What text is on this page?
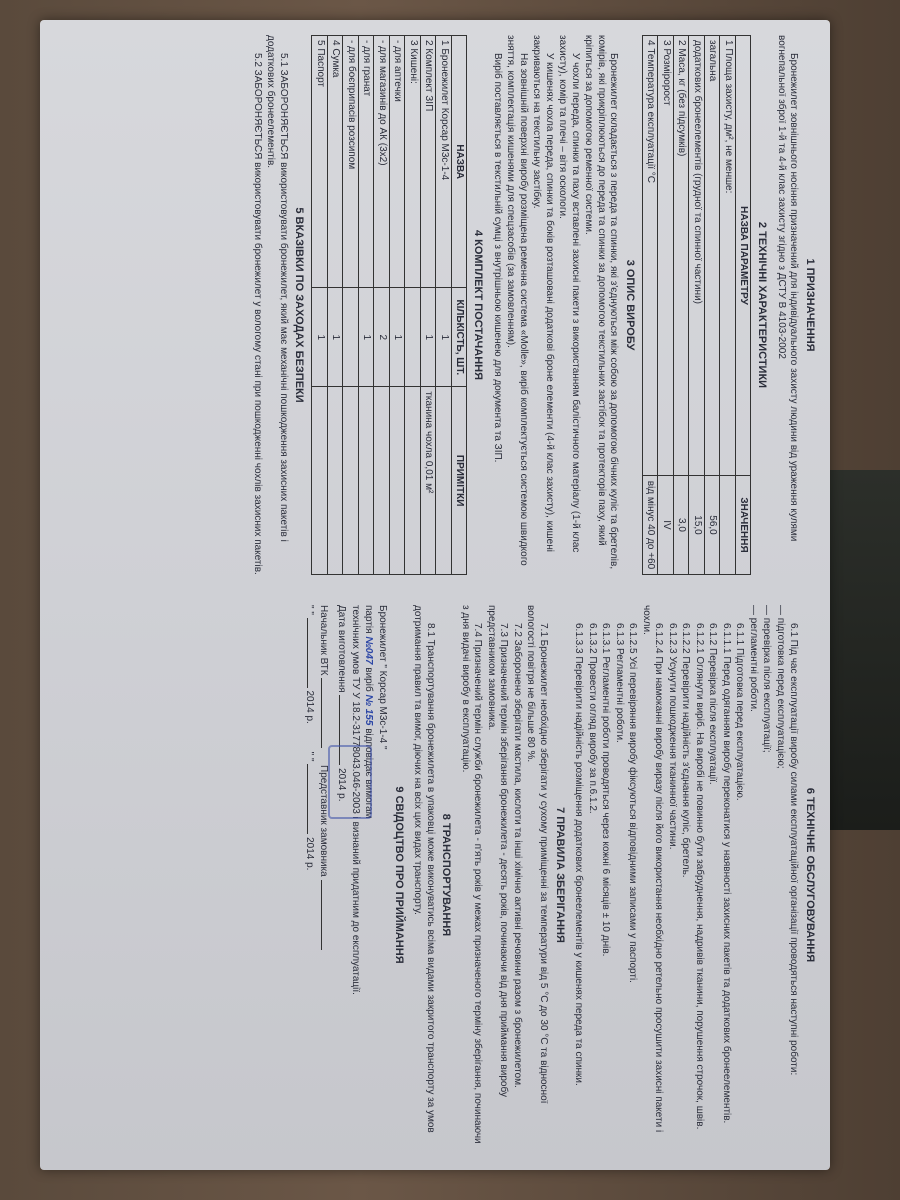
1 ПРИЗНАЧЕННЯ

Бронежилет зовнішнього носіння призначений для індивідуального захисту людини від ураження кулями вогнепальної зброї 1-й та 4-й клас захисту згідно з ДСТУ В 4103-2002

2 ТЕХНІЧНІ ХАРАКТЕРИСТИКИ
НАЗВА ПАРАМЕТРУ	ЗНАЧЕННЯ
1 Площа захисту, дм², не менше:	
загальна	56,0
додаткових бронеелементів (грудної та спинної частини)	15,0
2 Маса, кг (без підсумків)	3,0
3 Розміророст	IV
4 Температура експлуатації °С	від мінус 40 до +60
3 ОПИС ВИРОБУ

Бронежилет складається з переда та спинки, які з'єднуються між собою за допомогою бічних куліс та бретелів, комірів, які прикріплюються до переда та спинки за допомогою текстильних застібок та протекторів паху, який кріпиться за допомогою ременної системи.

У чохли переда, спинки та паху вставлені захисні пакети з використанням балістичного матеріалу (1-й клас захисту), комір та плечі – вітя оскологи.

У кишенях чохла переда, спинки та боків розташовані додаткові броне елементи (4-й клас захисту), кишені закриваються на текстильну застібку.

На зовнішній поверхні виробу розміщена ременна система «Molle», виріб комплектується системою швидкого зняття, комплектація кишенями для спецзасобів (за замовленням).

Виріб поставляється в текстильній сумці з внутрішньою кишенею для документа та ЗІП.

4 КОМПЛЕКТ ПОСТАЧАННЯ
НАЗВА	КІЛЬКІСТЬ, ШТ.	ПРИМІТКИ
1 Бронежилет Корсар М3с-1-4	1	
2 Комплект ЗІП	1	тканина чохла 0,01 м²
3 Кишені:		
- для аптечки	1	
- для магазинів до АК (3х2)	2	
- для гранат	1	
- для боєприпасів розсипом		
4 Сумка	1	
5 Паспорт	1	
5 ВКАЗІВКИ ПО ЗАХОДАХ БЕЗПЕКИ

5.1 ЗАБОРОНЯЄТЬСЯ використовувати бронежилет, який має механічні пошкодження захисних пакетів і додаткових бронеелементів.

5.2 ЗАБОРОНЯЄТЬСЯ використовувати бронежилет у вологому стані при пошкодженні чохлів захисних пакетів.

6 ТЕХНІЧНЕ ОБСЛУГОВУВАННЯ

6.1 Під час експлуатації виробу силами експлуатаційної організації проводяться наступні роботи:

— підготовка перед експлуатацією;

— перевірка після експлуатації;

— регламентні роботи.

6.1.1 Підготовка перед експлуатацією.

6.1.1.1 Перед одяганням виробу переконатися у наявності захисних пакетів та додаткових бронеелементів.

6.1.2 Перевірка після експлуатації.

6.1.2.1 Оглянути виріб. На виробі не повинно бути забруднення, надривів тканини, порушення строчок, швів.

6.1.2.2 Перевірити надійність з'єднання куліс, бретель.

6.1.2.3 Усунути пошкодження тканинної частини.

6.1.2.4 При намоканні виробу виразу після його використання необхідно ретельно просушити захисні пакети і чохли.

6.1.2.5 Усі перевіряння виробу фіксуються відповідними записами у паспорті.

6.1.3 Регламентні роботи.

6.1.3.1 Регламентні роботи проводяться через кожні 6 місяців ± 10 днів.

6.1.3.2 Провести огляд виробу за п.6.1.2.

6.1.3.3 Перевірити надійність розміщення додаткових бронеелементів у кишенях переда та спинки.

7 ПРАВИЛА ЗБЕРІГАННЯ

7.1 Бронежилет необхідно зберігати у сухому приміщенні за температури від 5 °С до 30 °С та відносної вологості повітря не більше 80 %.

7.2 Заборонено зберігати мастила, кислоти та інші хімічно активні речовини разом з бронежилетом.

7.3 Призначений термін зберігання бронежилета - десять років, починаючи від дня приймання виробу представником замовника.

7.4 Призначений термін служби бронежилета - п'ять років у межах призначеного терміну зберігання, починаючи з дня видачі виробу в експлуатацію.

8 ТРАНСПОРТУВАННЯ

8.1 Транспортування бронежилета в упаковці може виконуватись всіма видами закритого транспорту за умов дотримання правил та вимог, діючих на всіх цих видах транспорту.

9 СВІДОЦТВО ПРО ПРИЙМАННЯ

Бронежилет " Корсар М3с-1-4 "

партія №047 виріб № 155 відповідає вимогам

технічних умов ТУ У 18.2-31778043.046-2003 і визнаний придатним до експлуатації.

Дата виготовлення  2014 р.

Начальник ВТК       Представник замовника

" "  2014 р.          " "  2014 р.
